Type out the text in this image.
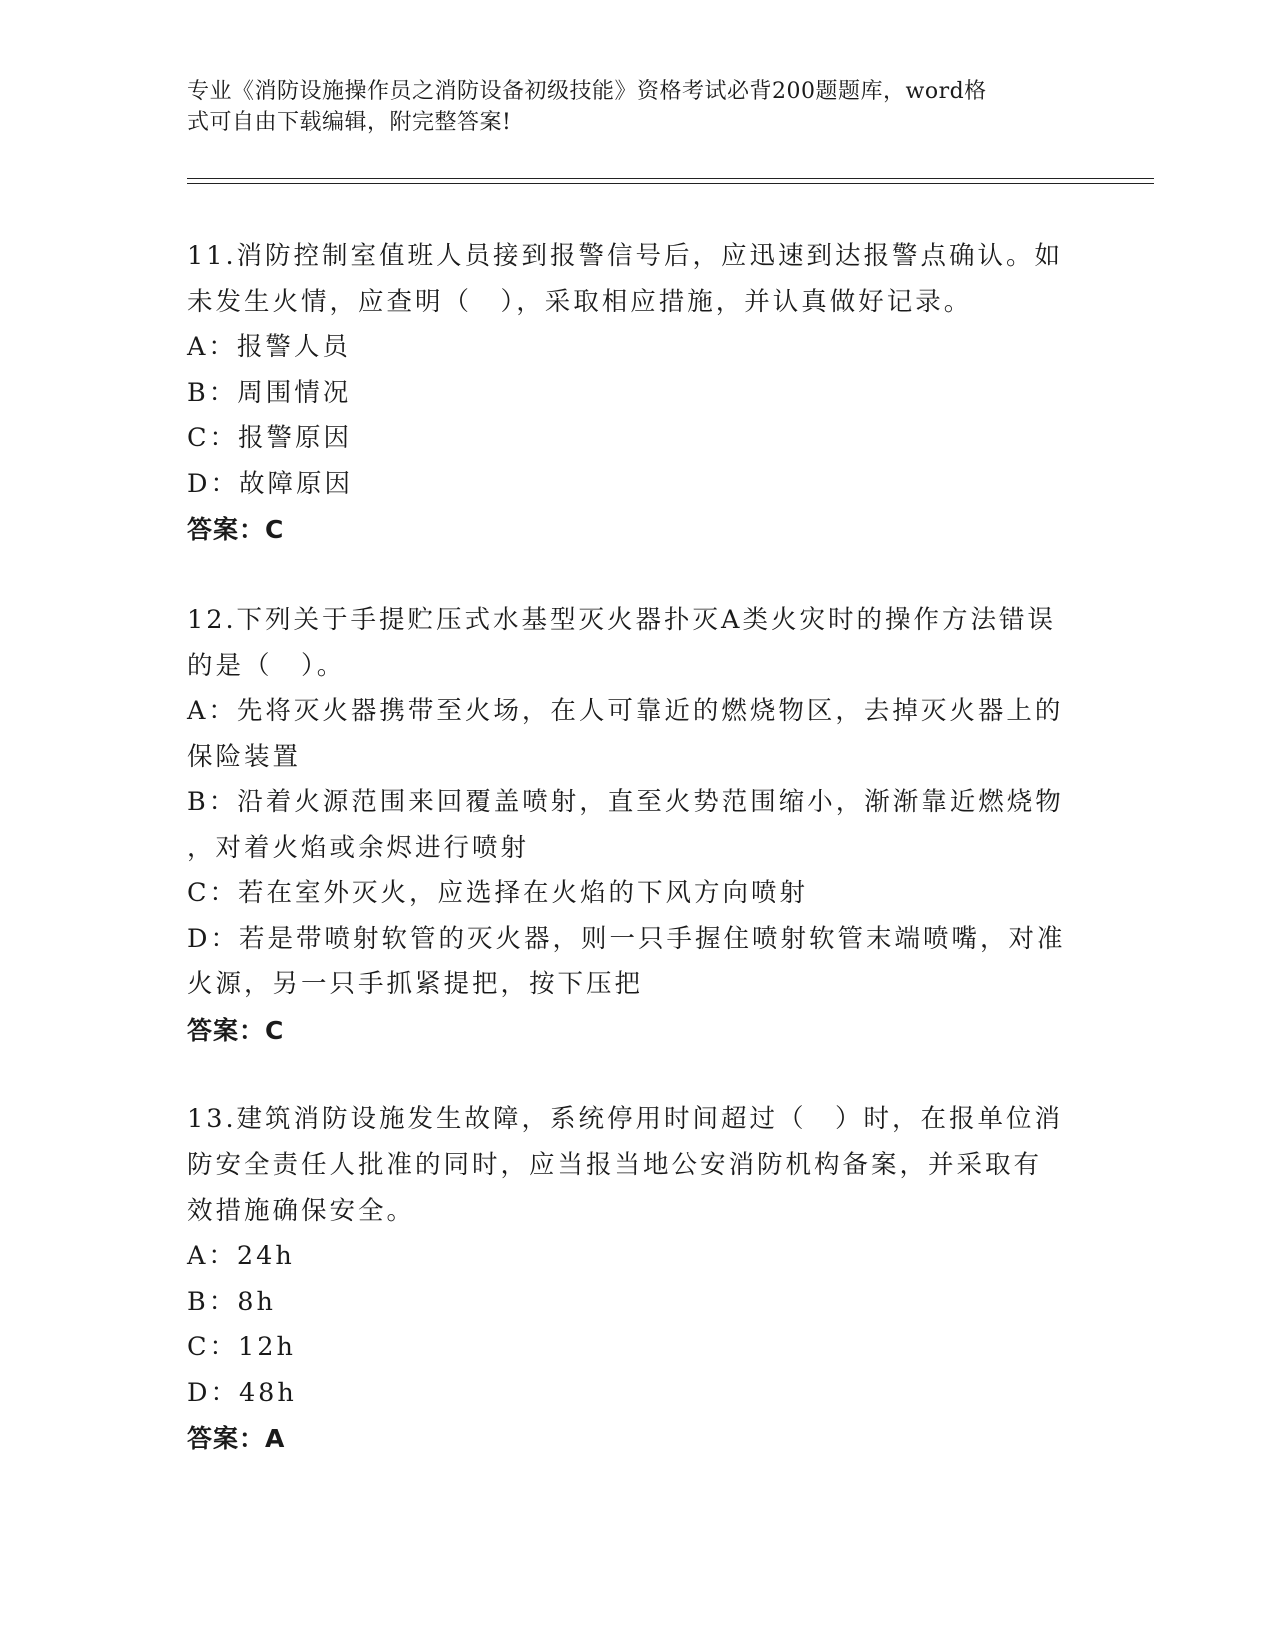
专业《消防设施操作员之消防设备初级技能》资格考试必背200题题库，word格
式可自由下载编辑，附完整答案!
11.消防控制室值班人员接到报警信号后，应迅速到达报警点确认。如
未发生火情，应查明（　），采取相应措施，并认真做好记录。
A：报警人员
B：周围情况
C：报警原因
D：故障原因
答案：C
12.下列关于手提贮压式水基型灭火器扑灭A类火灾时的操作方法错误
的是（　）。
A：先将灭火器携带至火场，在人可靠近的燃烧物区，去掉灭火器上的
保险装置
B：沿着火源范围来回覆盖喷射，直至火势范围缩小，渐渐靠近燃烧物
，对着火焰或余烬进行喷射
C：若在室外灭火，应选择在火焰的下风方向喷射
D：若是带喷射软管的灭火器，则一只手握住喷射软管末端喷嘴，对准
火源，另一只手抓紧提把，按下压把
答案：C
13.建筑消防设施发生故障，系统停用时间超过（　）时，在报单位消
防安全责任人批准的同时，应当报当地公安消防机构备案，并采取有
效措施确保安全。
A：24h
B：8h
C：12h
D：48h
答案：A
